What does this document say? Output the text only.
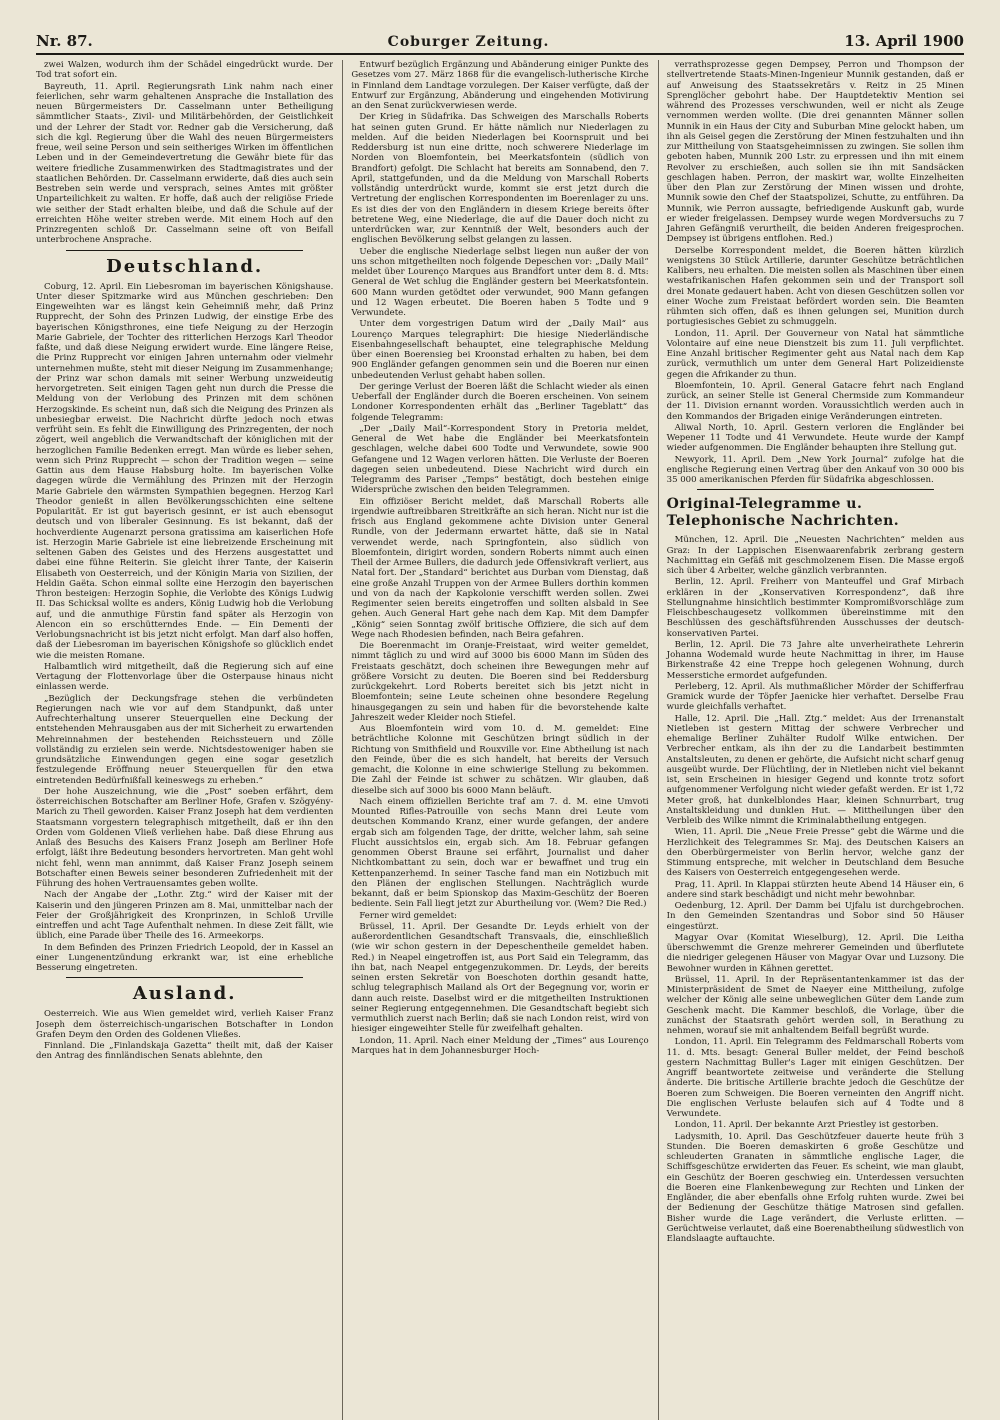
Nr. 87.	Coburger Zeitung.	13. April 1900

zwei Walzen, wodurch ihm der Schädel eingedrückt wurde. Der Tod trat sofort ein.

Bayreuth, 11. April. Regierungsrath Link nahm nach einer feierlichen, sehr warm gehaltenen Ansprache die Installation des neuen Bürgermeisters Dr. Casselmann unter Betheiligung sämmtlicher Staats-, Zivil- und Militärbehörden, der Geistlichkeit und der Lehrer der Stadt vor. Redner gab die Versicherung, daß sich die kgl. Regierung über die Wahl des neuen Bürgermeisters freue, weil seine Person und sein seitheriges Wirken im öffentlichen Leben und in der Gemeindevertretung die Gewähr biete für das weitere friedliche Zusammenwirken des Stadtmagistrates und der staatlichen Behörden. Dr. Casselmann erwiderte, daß dies auch sein Bestreben sein werde und versprach, seines Amtes mit größter Unparteilichkeit zu walten. Er hoffe, daß auch der religiöse Friede wie seither der Stadt erhalten bleibe, und daß die Schule auf der erreichten Höhe weiter streben werde. Mit einem Hoch auf den Prinzregenten schloß Dr. Casselmann seine oft von Beifall unterbrochene Ansprache.

Deutschland.

Coburg, 12. April. Ein Liebesroman im bayerischen Königshause. Unter dieser Spitzmarke wird aus München geschrieben: Den Eingeweihten war es längst kein Geheimniß mehr, daß Prinz Rupprecht, der Sohn des Prinzen Ludwig, der einstige Erbe des bayerischen Königsthrones, eine tiefe Neigung zu der Herzogin Marie Gabriele, der Tochter des ritterlichen Herzogs Karl Theodor faßte, und daß diese Neigung erwidert wurde. Eine längere Reise, die Prinz Rupprecht vor einigen Jahren unternahm oder vielmehr unternehmen mußte, steht mit dieser Neigung im Zusammenhange; der Prinz war schon damals mit seiner Werbung unzweideutig hervorgetreten. Seit einigen Tagen geht nun durch die Presse die Meldung von der Verlobung des Prinzen mit dem schönen Herzogskinde. Es scheint nun, daß sich die Neigung des Prinzen als unbesiegbar erweist. Die Nachricht dürfte jedoch noch etwas verfrüht sein. Es fehlt die Einwilligung des Prinzregenten, der noch zögert, weil angeblich die Verwandtschaft der königlichen mit der herzoglichen Familie Bedenken erregt. Man würde es lieber sehen, wenn sich Prinz Rupprecht — schon der Tradition wegen — seine Gattin aus dem Hause Habsburg holte. Im bayerischen Volke dagegen würde die Vermählung des Prinzen mit der Herzogin Marie Gabriele den wärmsten Sympathien begegnen. Herzog Karl Theodor genießt in allen Bevölkerungsschichten eine seltene Popularität. Er ist gut bayerisch gesinnt, er ist auch ebensogut deutsch und von liberaler Gesinnung. Es ist bekannt, daß der hochverdiente Augenarzt persona gratissima am kaiserlichen Hofe ist. Herzogin Marie Gabriele ist eine liebreizende Erscheinung mit seltenen Gaben des Geistes und des Herzens ausgestattet und dabei eine fühne Reiterin. Sie gleicht ihrer Tante, der Kaiserin Elisabeth von Oesterreich, und der Königin Maria von Sizilien, der Heldin Gaëta. Schon einmal sollte eine Herzogin den bayerischen Thron besteigen: Herzogin Sophie, die Verlobte des Königs Ludwig II. Das Schicksal wollte es anders, König Ludwig hob die Verlobung auf, und die anmuthige Fürstin fand später als Herzogin von Alencon ein so erschütterndes Ende. — Ein Dementi der Verlobungsnachricht ist bis jetzt nicht erfolgt. Man darf also hoffen, daß der Liebesroman im bayerischen Königshofe so glücklich endet wie die meisten Romane.

Halbamtlich wird mitgetheilt, daß die Regierung sich auf eine Vertagung der Flottenvorlage über die Osterpause hinaus nicht einlassen werde.

„Bezüglich der Deckungsfrage stehen die verbündeten Regierungen nach wie vor auf dem Standpunkt, daß unter Aufrechterhaltung unserer Steuerquellen eine Deckung der entstehenden Mehrausgaben aus der mit Sicherheit zu erwartenden Mehreinnahmen der bestehenden Reichssteuern und Zölle vollständig zu erzielen sein werde. Nichtsdestoweniger haben sie grundsätzliche Einwendungen gegen eine sogar gesetzlich festzulegende Eröffnung neuer Steuerquellen für den etwa eintretenden Bedürfnißfall keineswegs zu erheben.“

Der hohe Auszeichnung, wie die „Post“ soeben erfährt, dem österreichischen Botschafter am Berliner Hofe, Grafen v. Szögyény-Marich zu Theil geworden. Kaiser Franz Joseph hat dem verdienten Staatsmann vorgestern telegraphisch mitgetheilt, daß er ihn den Orden vom Goldenen Vließ verliehen habe. Daß diese Ehrung aus Anlaß des Besuchs des Kaisers Franz Joseph am Berliner Hofe erfolgt, läßt ihre Bedeutung besonders hervortreten. Man geht wohl nicht fehl, wenn man annimmt, daß Kaiser Franz Joseph seinem Botschafter einen Beweis seiner besonderen Zufriedenheit mit der Führung des hohen Vertrauensamtes geben wollte.

Nach der Angabe der „Lothr. Ztg.“ wird der Kaiser mit der Kaiserin und den jüngeren Prinzen am 8. Mai, unmittelbar nach der Feier der Großjährigkeit des Kronprinzen, in Schloß Urville eintreffen und acht Tage Aufenthalt nehmen. In diese Zeit fällt, wie üblich, eine Parade über Theile des 16. Armeekorps.

In dem Befinden des Prinzen Friedrich Leopold, der in Kassel an einer Lungenentzündung erkrankt war, ist eine erhebliche Besserung eingetreten.

Ausland.

Oesterreich. Wie aus Wien gemeldet wird, verlieh Kaiser Franz Joseph dem österreichisch-ungarischen Botschafter in London Grafen Deym den Orden des Goldenen Vließes.

Finnland. Die „Finlandskaja Gazetta“ theilt mit, daß der Kaiser den Antrag des finnländischen Senats ablehnte, den

Entwurf bezüglich Ergänzung und Abänderung einiger Punkte des Gesetzes vom 27. März 1868 für die evangelisch-lutherische Kirche in Finnland dem Landtage vorzulegen. Der Kaiser verfügte, daß der Entwurf zur Ergänzung, Abänderung und eingehenden Motivirung an den Senat zurückverwiesen werde.

Der Krieg in Südafrika. Das Schweigen des Marschalls Roberts hat seinen guten Grund. Er hätte nämlich nur Niederlagen zu melden. Auf die beiden Niederlagen bei Koornspruit und bei Reddersburg ist nun eine dritte, noch schwerere Niederlage im Norden von Bloemfontein, bei Meerkatsfontein (südlich von Brandfort) gefolgt. Die Schlacht hat bereits am Sonnabend, den 7. April, stattgefunden, und da die Meldung von Marschall Roberts vollständig unterdrückt wurde, kommt sie erst jetzt durch die Vertretung der englischen Korrespondenten im Boerenlager zu uns. Es ist dies der von den Engländern in diesem Kriege bereits öfter betretene Weg, eine Niederlage, die auf die Dauer doch nicht zu unterdrücken war, zur Kenntniß der Welt, besonders auch der englischen Bevölkerung selbst gelangen zu lassen.

Ueber die englische Niederlage selbst liegen nun außer der von uns schon mitgetheilten noch folgende Depeschen vor: „Daily Mail“ meldet über Lourenço Marques aus Brandfort unter dem 8. d. Mts: General de Wet schlug die Engländer gestern bei Meerkatsfontein. 600 Mann wurden getödtet oder verwundet, 900 Mann gefangen und 12 Wagen erbeutet. Die Boeren haben 5 Todte und 9 Verwundete.

Unter dem vorgestrigen Datum wird der „Daily Mail“ aus Lourenço Marques telegraphirt: Die hiesige Niederländische Eisenbahngesellschaft behauptet, eine telegraphische Meldung über einen Boerensieg bei Kroonstad erhalten zu haben, bei dem 900 Engländer gefangen genommen sein und die Boeren nur einen unbedeutenden Verlust gehabt haben sollen.

Der geringe Verlust der Boeren läßt die Schlacht wieder als einen Ueberfall der Engländer durch die Boeren erscheinen. Von seinem Londoner Korrespondenten erhält das „Berliner Tageblatt“ das folgende Telegramm:

„Der „Daily Mail“-Korrespondent Story in Pretoria meldet, General de Wet habe die Engländer bei Meerkatsfontein geschlagen, welche dabei 600 Todte und Verwundete, sowie 900 Gefangene und 12 Wagen verloren hätten. Die Verluste der Boeren dagegen seien unbedeutend. Diese Nachricht wird durch ein Telegramm des Pariser „Temps“ bestätigt, doch bestehen einige Widersprüche zwischen den beiden Telegrammen.

Ein offiziöser Bericht meldet, daß Marschall Roberts alle irgendwie auftreibbaren Streitkräfte an sich heran. Nicht nur ist die frisch aus England gekommene achte Division unter General Rundle, von der Jedermann erwartet hätte, daß sie in Natal verwendet werde, nach Springfontein, also südlich von Bloemfontein, dirigirt worden, sondern Roberts nimmt auch einen Theil der Armee Bullers, die dadurch jede Offensivkraft verliert, aus Natal fort. Der „Standard“ berichtet aus Durban vom Dienstag, daß eine große Anzahl Truppen von der Armee Bullers dorthin kommen und von da nach der Kapkolonie verschifft werden sollen. Zwei Regimenter seien bereits eingetroffen und sollten alsbald in See gehen. Auch General Hart gehe nach dem Kap. Mit dem Dampfer „König“ seien Sonntag zwölf britische Offiziere, die sich auf dem Wege nach Rhodesien befinden, nach Beira gefahren.

Die Boerenmacht im Oranje-Freistaat, wird weiter gemeldet, nimmt täglich zu und wird auf 3000 bis 6000 Mann im Süden des Freistaats geschätzt, doch scheinen ihre Bewegungen mehr auf größere Vorsicht zu deuten. Die Boeren sind bei Reddersburg zurückgekehrt. Lord Roberts bereitet sich bis jetzt nicht in Bloemfontein; seine Leute scheinen ohne besondere Regelung hinausgegangen zu sein und haben für die bevorstehende kalte Jahreszeit weder Kleider noch Stiefel.

Aus Bloemfontein wird vom 10. d. M. gemeldet: Eine beträchtliche Kolonne mit Geschützen bringt südlich in der Richtung von Smithfield und Rouxville vor. Eine Abtheilung ist nach den Feinde, über die es sich handelt, hat bereits der Versuch gemacht, die Kolonne in eine schwierige Stellung zu bekommen. Die Zahl der Feinde ist schwer zu schätzen. Wir glauben, daß dieselbe sich auf 3000 bis 6000 Mann beläuft.

Nach einem offiziellen Berichte traf am 7. d. M. eine Umvoti Mounted Rifles-Patrouille von sechs Mann drei Leute vom deutschen Kommando Kranz, einer wurde gefangen, der andere ergab sich am folgenden Tage, der dritte, welcher lahm, sah seine Flucht aussichtslos ein, ergab sich. Am 18. Februar gefangen genommen Oberst Braune sei erfährt, Journalist und daher Nichtkombattant zu sein, doch war er bewaffnet und trug ein Kettenpanzerhemd. In seiner Tasche fand man ein Notizbuch mit den Plänen der englischen Stellungen. Nachträglich wurde bekannt, daß er beim Spionskop das Maxim-Geschütz der Boeren bediente. Sein Fall liegt jetzt zur Aburtheilung vor. (Wem? Die Red.)

Ferner wird gemeldet:

Brüssel, 11. April. Der Gesandte Dr. Leyds erhielt von der außerordentlichen Gesandtschaft Transvaals, die, einschließlich (wie wir schon gestern in der Depeschentheile gemeldet haben. Red.) in Neapel eingetroffen ist, aus Port Said ein Telegramm, das ihn bat, nach Neapel entgegenzukommen. Dr. Leyds, der bereits seinen ersten Sekretär von Boeschoten dorthin gesandt hatte, schlug telegraphisch Mailand als Ort der Begegnung vor, worin er dann auch reiste. Daselbst wird er die mitgetheilten Instruktionen seiner Regierung entgegennehmen. Die Gesandtschaft begiebt sich vermuthlich zuerst nach Berlin; daß sie nach London reist, wird von hiesiger eingeweihter Stelle für zweifelhaft gehalten.

London, 11. April. Nach einer Meldung der „Times“ aus Lourenço Marques hat in dem Johannesburger Hoch-

verrathsprozesse gegen Dempsey, Perron und Thompson der stellvertretende Staats-Minen-Ingenieur Munnik gestanden, daß er auf Anweisung des Staatssekretärs v. Reitz in 25 Minen Sprenglöcher gebohrt habe. Der Hauptdetektiv Mention sei während des Prozesses verschwunden, weil er nicht als Zeuge vernommen werden wollte. (Die drei genannten Männer sollen Munnik in ein Haus der City and Suburban Mine gelockt haben, um ihn als Geisel gegen die Zerstörung der Minen festzuhalten und ihn zur Mittheilung von Staatsgeheimnissen zu zwingen. Sie sollen ihm geboten haben, Munnik 200 Lstr. zu erpressen und ihn mit einem Revolver zu erschießen, auch sollen sie ihn mit Sandsäcken geschlagen haben. Perron, der maskirt war, wollte Einzelheiten über den Plan zur Zerstörung der Minen wissen und drohte, Munnik sowie den Chef der Staatspolizei, Schutte, zu entführen. Da Munnik, wie Perron aussagte, befriedigende Auskunft gab, wurde er wieder freigelassen. Dempsey wurde wegen Mordversuchs zu 7 Jahren Gefängniß verurtheilt, die beiden Anderen freigesprochen. Dempsey ist übrigens entflohen. Red.)

Derselbe Korrespondent meldet, die Boeren hätten kürzlich wenigstens 30 Stück Artillerie, darunter Geschütze beträchtlichen Kalibers, neu erhalten. Die meisten sollen als Maschinen über einen westafrikanischen Hafen gekommen sein und der Transport soll drei Monate gedauert haben. Acht von diesen Geschützen sollen vor einer Woche zum Freistaat befördert worden sein. Die Beamten rühmten sich offen, daß es ihnen gelungen sei, Munition durch portugiesisches Gebiet zu schmuggeln.

London, 11. April. Der Gouverneur von Natal hat sämmtliche Volontaire auf eine neue Dienstzeit bis zum 11. Juli verpflichtet. Eine Anzahl britischer Regimenter geht aus Natal nach dem Kap zurück, vermuthlich um unter dem General Hart Polizeidienste gegen die Afrikander zu thun.

Bloemfontein, 10. April. General Gatacre fehrt nach England zurück, an seiner Stelle ist General Chermside zum Kommandeur der 11. Division ernannt worden. Voraussichtlich werden auch in den Kommandos der Brigaden einige Veränderungen eintreten.

Aliwal North, 10. April. Gestern verloren die Engländer bei Wepener 11 Todte und 41 Verwundete. Heute wurde der Kampf wieder aufgenommen. Die Engländer behaupten ihre Stellung gut.

Newyork, 11. April. Dem „New York Journal“ zufolge hat die englische Regierung einen Vertrag über den Ankauf von 30 000 bis 35 000 amerikanischen Pferden für Südafrika abgeschlossen.

Original-Telegramme u. Telephonische Nachrichten.

München, 12. April. Die „Neuesten Nachrichten“ melden aus Graz: In der Lappischen Eisenwaarenfabrik zerbrang gestern Nachmittag ein Gefäß mit geschmolzenem Eisen. Die Masse ergoß sich über 4 Arbeiter, welche gänzlich verbrannten.

Berlin, 12. April. Freiherr von Manteuffel und Graf Mirbach erklären in der „Konservativen Korrespondenz“, daß ihre Stellungnahme hinsichtlich bestimmter Kompromißvorschläge zum Fleischbeschaugesetz vollkommen übereinstimme mit den Beschlüssen des geschäftsführenden Ausschusses der deutsch-konservativen Partei.

Berlin, 12. April. Die 73 Jahre alte unverheirathete Lehrerin Johanna Wodemald wurde heute Nachmittag in ihrer, im Hause Birkenstraße 42 eine Treppe hoch gelegenen Wohnung, durch Messerstiche ermordet aufgefunden.

Perleberg, 12. April. Als muthmaßlicher Mörder der Schifferfrau Gramick wurde der Töpfer Jaenicke hier verhaftet. Derselbe Frau wurde gleichfalls verhaftet.

Halle, 12. April. Die „Hall. Ztg.“ meldet: Aus der Irrenanstalt Nietleben ist gestern Mittag der schwere Verbrecher und ehemalige Berliner Zuhälter Rudolf Wilke entwichen. Der Verbrecher entkam, als ihn der zu die Landarbeit bestimmten Anstaltsleuten, zu denen er gehörte, die Aufsicht nicht scharf genug ausgeübt wurde. Der Flüchtling, der in Nietleben nicht viel bekannt ist, sein Erscheinen in hiesiger Gegend und konnte trotz sofort aufgenommener Verfolgung nicht wieder gefaßt werden. Er ist 1,72 Meter groß, hat dunkelblondes Haar, kleinen Schnurrbart, trug Anstaltskleidung und dunklen Hut. — Mittheilungen über den Verbleib des Wilke nimmt die Kriminalabtheilung entgegen.

Wien, 11. April. Die „Neue Freie Presse“ gebt die Wärme und die Herzlichkeit des Telegrammes Sr. Maj. des Deutschen Kaisers an den Oberbürgermeister von Berlin hervor, welche ganz der Stimmung entspreche, mit welcher in Deutschland dem Besuche des Kaisers von Oesterreich entgegengesehen werde.

Prag, 11. April. In Klappai stürzten heute Abend 14 Häuser ein, 6 andere sind stark beschädigt und nicht mehr bewohnbar.

Oedenburg, 12. April. Der Damm bei Ujfalu ist durchgebrochen. In den Gemeinden Szentandras und Sobor sind 50 Häuser eingestürzt.

Magyar Ovar (Komitat Wieselburg), 12. April. Die Leitha überschwemmt die Grenze mehrerer Gemeinden und überflutete die niedriger gelegenen Häuser von Magyar Ovar und Luzsony. Die Bewohner wurden in Kähnen gerettet.

Brüssel, 11. April. In der Repräsentantenkammer ist das der Ministerpräsident de Smet de Naeyer eine Mittheilung, zufolge welcher der König alle seine unbeweglichen Güter dem Lande zum Geschenk macht. Die Kammer beschloß, die Vorlage, über die zunächst der Staatsrath gehört werden soll, in Berathung zu nehmen, worauf sie mit anhaltendem Beifall begrüßt wurde.

London, 11. April. Ein Telegramm des Feldmarschall Roberts vom 11. d. Mts. besagt: General Buller meldet, der Feind beschoß gestern Nachmittag Buller's Lager mit einigen Geschützen. Der Angriff beantwortete zeitweise und veränderte die Stellung änderte. Die britische Artillerie brachte jedoch die Geschütze der Boeren zum Schweigen. Die Boeren verneinten den Angriff nicht. Die englischen Verluste belaufen sich auf 4 Todte und 8 Verwundete.

London, 11. April. Der bekannte Arzt Priestley ist gestorben.

Ladysmith, 10. April. Das Geschützfeuer dauerte heute früh 3 Stunden. Die Boeren demaskirten 6 große Geschütze und schleuderten Granaten in sämmtliche englische Lager, die Schiffsgeschütze erwiderten das Feuer. Es scheint, wie man glaubt, ein Geschütz der Boeren geschwieg ein. Unterdessen versuchten die Boeren eine Flankenbewegung zur Rechten und Linken der Engländer, die aber ebenfalls ohne Erfolg ruhten wurde. Zwei bei der Bedienung der Geschütze thätige Matrosen sind gefallen. Bisher wurde die Lage verändert, die Verluste erlitten. — Gerüchtweise verlautet, daß eine Boerenabtheilung südwestlich von Elandslaagte auftauchte.
